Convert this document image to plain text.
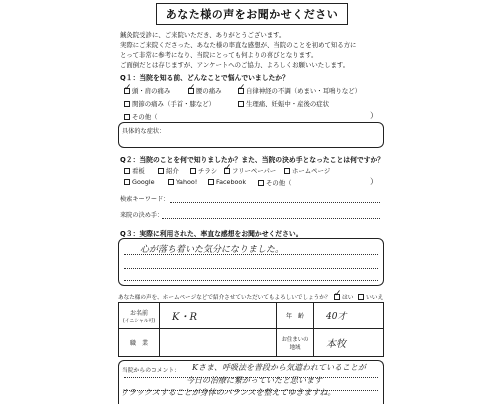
あなた様の声をお聞かせください
鍼灸院受診に、ご来院いただき、ありがとうございます。
実際にご来院くださった、あなた様の率直な感想が、当院のことを初めて知る方に
とって非常に参考になり、当院にとっても何よりの喜びとなります。
ご面倒だとは存じますが、アンケートへのご協力、よろしくお願いいたします。
Q１：当院を知る前、どんなことで悩んでいましたか？
✓
頭・肩の痛み ✓	腰の痛み ✓	自律神経の不調（めまい・耳鳴りなど）
関節の痛み（手首・膝など）	生理痛、妊娠中・産後の症状
その他（	）
具体的な症状：
Q２：当院のことを何で知りましたか？また、当院の決め手となったことは何ですか？
看板	紹介	チラシ ✓ フリーペーパー ホームページ
Google	Yahoo!	Facebook	その他（	）
検索キーワード：
来院の決め手：
Q３：実際に利用された、率直な感想をお聞かせください。
心が落ち着いた気分になりました。
あなた様の声を、ホームページなどで紹介させていただいてもよろしいでしょうか？ ✓ はい いいえ
お名前
(イニシャル可)	K・R	年　齢	40才
職　業		お住まいの
地域	本牧
当院からのコメント： Kさま、呼吸法を普段から気遣われていることが
今日の治療に繋がっていたと思います
リラックスすることが身体のバランスを整えてゆきますね。
